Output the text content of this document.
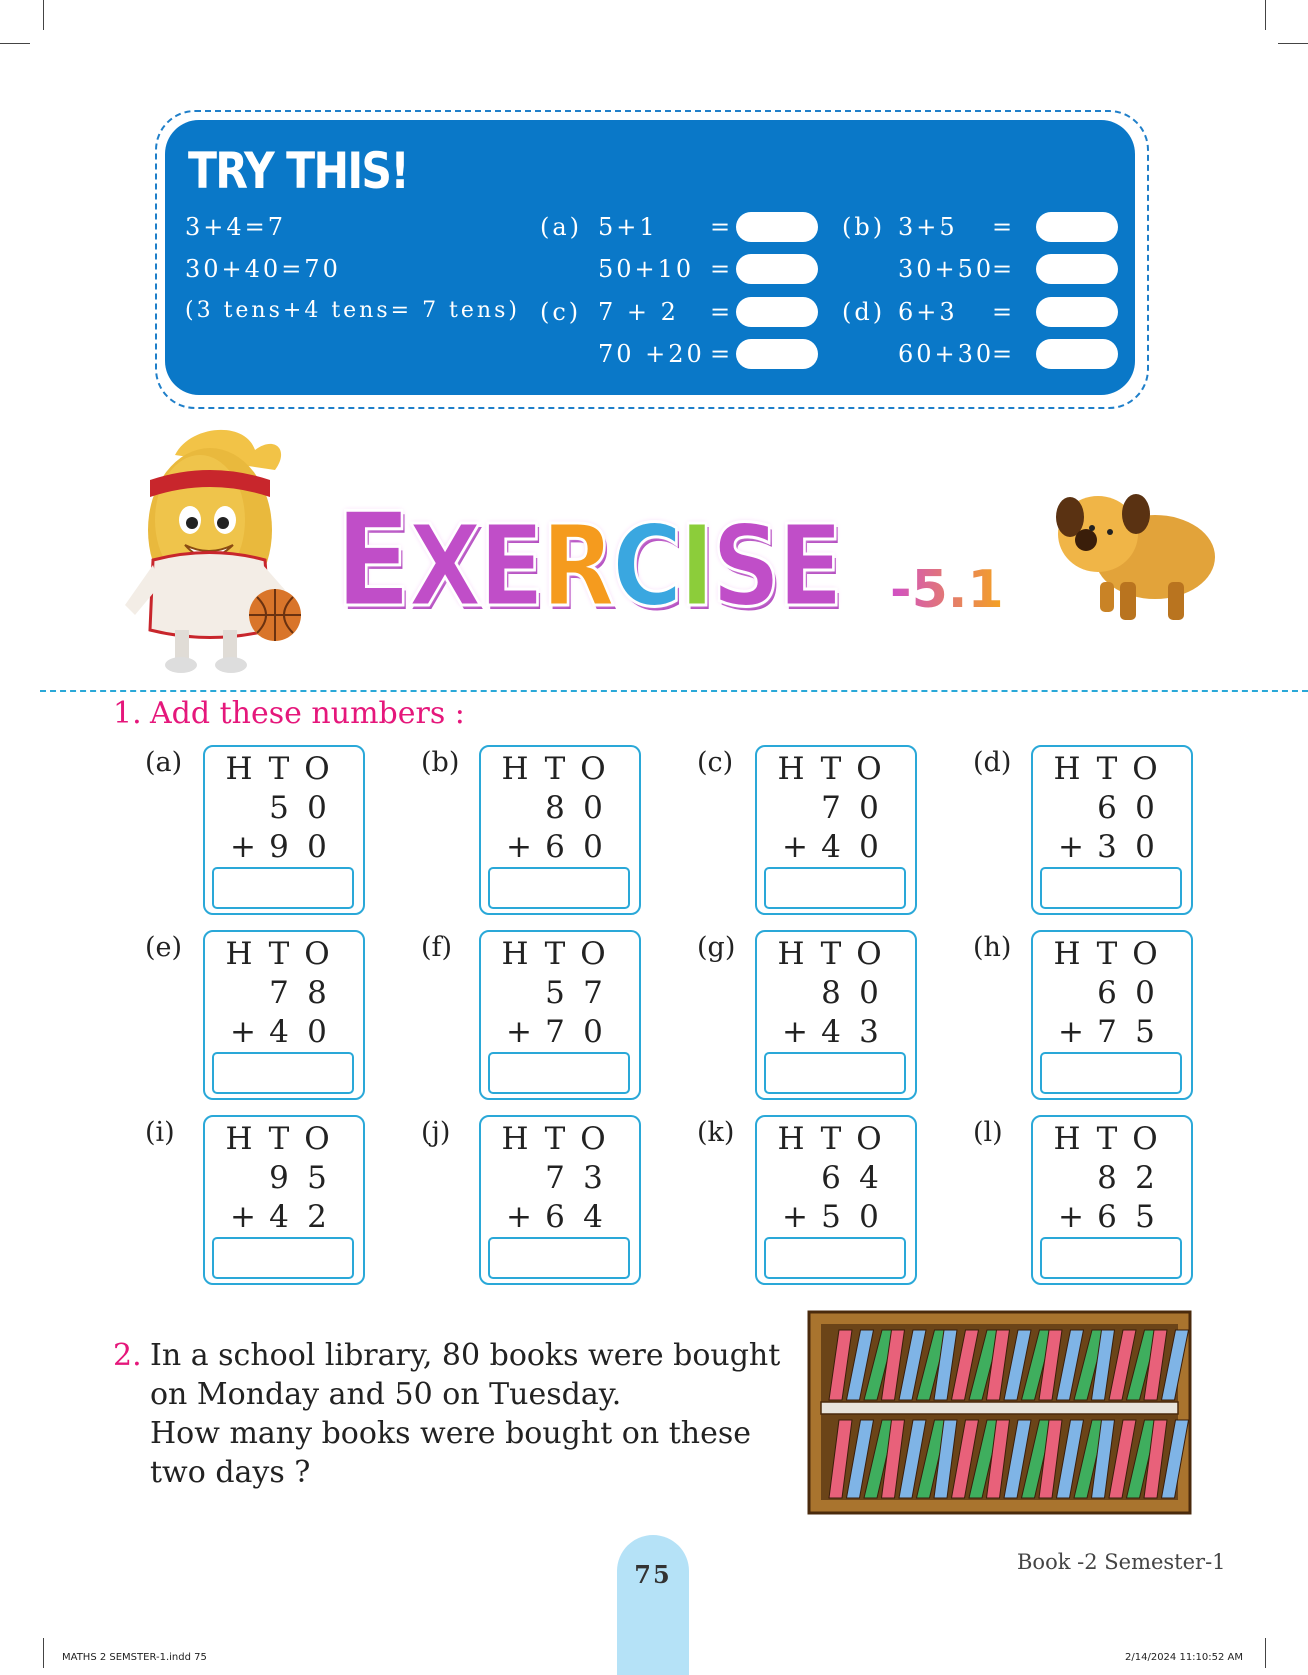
TRY THIS!
3+4=7
30+40=70
(3 tens+4 tens= 7 tens)
(a) 5+1
50+10
=
=
(c) 7 + 2
70 +20
=
=
(b) 3+5
30+50
=
=
(d) 6+3
60+30
=
=
EXERCISE -5.1
1. Add these numbers :
(a) H T O
5 0
+ 9 0
(b) H T O
8 0
+ 6 0
(c) H T O
7 0
+ 4 0
(d) H T O
6 0
+ 3 0
(e) H T O
7 8
+ 4 0
(f) H T O
5 7
+ 7 0
(g) H T O
8 0
+ 4 3
(h) H T O
6 0
+ 7 5
(i) H T O
9 5
+ 4 2
(j) H T O
7 3
+ 6 4
(k) H T O
6 4
+ 5 0
(l) H T O
8 2
+ 6 5
2. In a school library, 80 books were bought
on Monday and 50 on Tuesday.
How many books were bought on these
two days ?
75	Book -2 Semester-1
MATHS 2 SEMSTER-1.indd 75	2/14/2024 11:10:52 AM
